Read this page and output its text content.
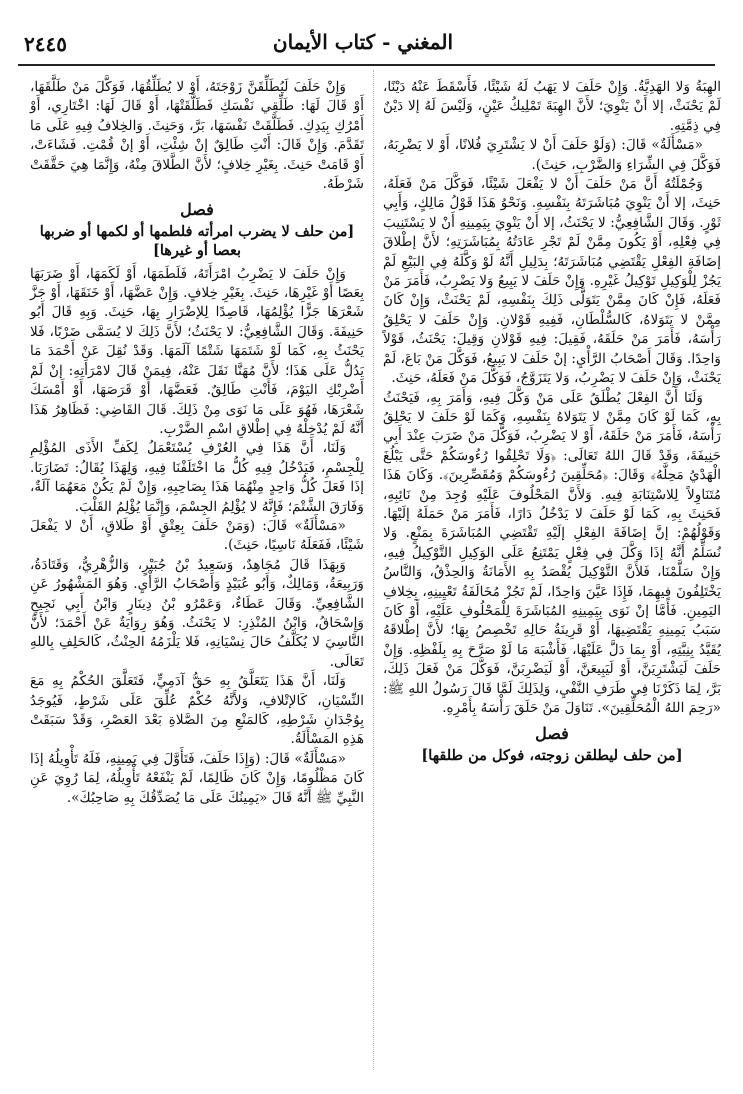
٢٤٤٥	المغني - كتاب الأيمان

الهِبَةُ وَلا الهَدِيَّةُ. وَإِنْ حَلَفَ لا يَهَبُ لَهُ شَيْئًا، فَأَسْقَطَ عَنْهُ دَيْنًا، لَمْ يَحْنَثْ، إلا أَنْ يَنْوِيَ؛ لأَنَّ الهِبَةَ تَمْلِيكُ عَيْنٍ، وَلَيْسَ لَهُ إلا دَيْنٌ فِي ذِمَّتِهِ.

«مَسْأَلَةٌ» قَالَ: (وَلَوْ حَلَفَ أَنْ لا يَشْتَرِيَ فُلانًا، أَوْ لا يَضْرِبَهُ، فَوَكَّلَ فِي الشِّرَاءِ وَالضَّرْبِ، حَنِثَ).

وَجُمْلَتُهُ أَنَّ مَنْ حَلَفَ أَنْ لا يَفْعَلَ شَيْئًا، فَوَكَّلَ مَنْ فَعَلَهُ، حَنِثَ، إلا أَنْ يَنْوِيَ مُبَاشَرَتَهُ بِنَفْسِهِ. وَنَحْوُ هَذَا قَوْلُ مَالِكٍ، وَأَبِي ثَوْرٍ. وَقَالَ الشَّافِعِيُّ: لا يَحْنَثُ، إلا أَنْ يَنْوِيَ بِيَمِينِهِ أَنْ لا يَسْتَنِيبَ فِي فِعْلِهِ، أَوْ يَكُونَ مِمَّنْ لَمْ تَجْرِ عَادَتُهُ بِمُبَاشَرَتِهِ؛ لأَنَّ إطْلاقَ إضَافَةِ الفِعْلِ يَقْتَضِي مُبَاشَرَتَهُ؛ بِدَلِيلِ أَنَّهُ لَوْ وَكَّلَهُ فِي البَيْعِ لَمْ يَجُزْ لِلْوَكِيلِ تَوْكِيلُ غَيْرِهِ. وَإِنْ حَلَفَ لا يَبِيعُ وَلا يَضْرِبُ، فَأَمَرَ مَنْ فَعَلَهُ، فَإِنْ كَانَ مِمَّنْ يَتَوَلَّى ذَلِكَ بِنَفْسِهِ، لَمْ يَحْنَثْ، وَإِنْ كَانَ مِمَّنْ لا يَتَوَلاهُ، كَالسُّلْطَانِ، فَفِيهِ قَوْلانِ. وَإِنْ حَلَفَ لا يَحْلِقُ رَأْسَهُ، فَأَمَرَ مَنْ حَلَقَهُ، فَقِيلَ: فِيهِ قَوْلانِ وَقِيلَ: يَحْنَثُ، قَوْلاً وَاحِدًا. وَقَالَ أَصْحَابُ الرَّأْيِ: إنْ حَلَفَ لا يَبِيعُ، فَوَكَّلَ مَنْ بَاعَ، لَمْ يَحْنَثْ، وَإِنْ حَلَفَ لا يَضْرِبُ، وَلا يَتَزَوَّجُ، فَوَكَّلَ مَنْ فَعَلَهُ، حَنِثَ.

وَلَنَا أَنَّ الفِعْلَ يُطْلَقُ عَلَى مَنْ وَكَّلَ فِيهِ، وَأَمَرَ بِهِ، فَيَحْنَثُ بِهِ، كَمَا لَوْ كَانَ مِمَّنْ لا يَتَوَلاهُ بِنَفْسِهِ، وَكَمَا لَوْ حَلَفَ لا يَحْلِقُ رَأْسَهُ، فَأَمَرَ مَنْ حَلَقَهُ، أَوْ لا يَضْرِبُ، فَوَكَّلَ مَنْ ضَرَبَ عِنْدَ أَبِي حَنِيفَةَ، وَقَدْ قَالَ اللهُ تَعَالَى: ﴿وَلَا تَحْلِقُوا رُءُوسَكُمْ حَتَّى يَبْلُغَ الْهَدْيُ مَحِلَّهُ﴾ وَقَالَ: ﴿مُحَلِّقِينَ رُءُوسَكُمْ وَمُقَصِّرِينَ﴾. وَكَانَ هَذَا مُتَنَاوِلاً لِلاسْتِنَابَةِ فِيهِ. وَلأَنَّ المَحْلُوفَ عَلَيْهِ وُجِدَ مِنْ نَائِبِهِ، فَحَنِثَ بِهِ، كَمَا لَوْ حَلَفَ لا يَدْخُلُ دَارًا، فَأَمَرَ مَنْ حَمَلَهُ إلَيْهَا. وَقَوْلُهُمْ: إنَّ إضَافَةَ الفِعْلِ إلَيْهِ تَقْتَضِي المُبَاشَرَةَ بِمَنْعٍ. وَلا نُسَلِّمُ أَنَّهُ إذَا وَكَّلَ فِي فِعْلٍ يَمْتَنِعُ عَلَى الوَكِيلِ التَّوْكِيلُ فِيهِ، وَإِنْ سَلَّمْنَا، فَلأَنَّ التَّوْكِيلَ يُقْصَدُ بِهِ الأَمَانَةُ وَالحِذْقُ، وَالنَّاسُ يَخْتَلِفُونَ فِيهِمَا، فَإِذَا عَيَّنَ وَاحِدًا، لَمْ تَجُزْ مُخَالَفَةُ تَعْيِينِهِ، بِخِلافِ اليَمِينِ. فَأَمَّا إنْ نَوَى بِيَمِينِهِ المُبَاشَرَةَ لِلْمَحْلُوفِ عَلَيْهِ، أَوْ كَانَ سَبَبُ يَمِينِهِ يَقْتَضِيهَا، أَوْ قَرِينَةُ حَالِهِ تَخْصِصُ بِهَا؛ لأَنَّ إطْلاقَهُ يُقَيَّدُ بِنِيَّتِهِ، أَوْ بِمَا دَلَّ عَلَيْهَا، فَأَشْبَهَ مَا لَوْ صَرَّحَ بِهِ بِلَفْظِهِ. وَإِنْ حَلَفَ لَيَشْتَرِيَنَّ، أَوْ لَيَبِيعَنَّ، أَوْ لَيَضْرِبَنَّ، فَوَكَّلَ مَنْ فَعَلَ ذَلِكَ، بَرَّ، لِمَا ذَكَرْنَا فِي طَرَفِ النَّفْيِ، وَلِذَلِكَ لَمَّا قَالَ رَسُولُ اللهِ ﷺ: «رَحِمَ اللهُ الْمُحَلِّقِينَ». تَنَاوَلَ مَنْ حَلَقَ رَأْسَهُ بِأَمْرِهِ.

فصل

[من حلف ليطلقن زوجته، فوكل من طلقها]

وَإِنْ حَلَفَ لَيُطَلِّقَنَّ زَوْجَتَهُ، أَوْ لا يُطَلِّقُهَا، فَوَكَّلَ مَنْ طَلَّقَهَا، أَوْ قَالَ لَهَا: طَلِّقِي نَفْسَكِ فَطَلَّقَتْهَا، أَوْ قَالَ لَهَا: اخْتَارِي، أَوْ أَمْرُكِ بِيَدِكِ. فَطَلَّقَتْ نَفْسَهَا، بَرَّ، وَحَنِثَ. وَالخِلافُ فِيهِ عَلَى مَا تَقَدَّمَ. وَإِنْ قَالَ: أَنْتِ طَالِقٌ إنْ شِئْتِ، أَوْ إنْ قُمْتِ. فَشَاءَتْ، أَوْ قَامَتْ حَنِثَ. بِغَيْرِ خِلافٍ؛ لأَنَّ الطَّلاقَ مِنْهُ، وَإِنَّمَا هِيَ حَقَّقَتْ شَرْطَهُ.

فصل

[من حلف لا يضرب امرأته فلطمها أو لكمها أو ضربها بعصا أو غيرها]

وَإِنْ حَلَفَ لا يَضْرِبُ امْرَأَتَهُ، فَلَطَمَهَا، أَوْ لَكَمَهَا، أَوْ ضَرَبَهَا بِعَصًا أَوْ غَيْرِهَا، حَنِثَ. بِغَيْرِ خِلافٍ. وَإِنْ عَضَّهَا، أَوْ خَنَقَهَا، أَوْ جَزَّ شَعْرَهَا جَزًّا يُؤْلِمُهَا، قَاصِدًا لِلإضْرَارِ بِهَا، حَنِثَ. وَبِهِ قَالَ أَبُو حَنِيفَةَ. وَقَالَ الشَّافِعِيُّ: لا يَحْنَثُ؛ لأَنَّ ذَلِكَ لا يُسَمَّى ضَرْبًا، فَلا يَحْنَثُ بِهِ، كَمَا لَوْ شَتَمَهَا شَتْمًا آلَمَهَا. وَقَدْ نُقِلَ عَنْ أَحْمَدَ مَا يَدُلُّ عَلَى هَذَا؛ لأَنَّ مُهَنَّا نَقَلَ عَنْهُ، فِيمَنْ قَالَ لامْرَأَتِهِ: إنْ لَمْ أَضْرِبْكِ اليَوْمَ، فَأَنْتِ طَالِقٌ. فَعَضَّهَا، أَوْ قَرَصَهَا، أَوْ أَمْسَكَ شَعْرَهَا، فَهُوَ عَلَى مَا نَوَى مِنْ ذَلِكَ. قَالَ القَاضِي: فَظَاهِرُ هَذَا أَنَّهُ لَمْ يُدْخِلْهُ فِي إطْلاقِ اسْمِ الضَّرْبِ.

وَلَنَا، أَنَّ هَذَا فِي العُرْفِ يُسْتَعْمَلُ لِكَفِّ الأَذَى المُؤْلِمِ لِلْجِسْمِ، فَيَدْخُلُ فِيهِ كُلُّ مَا اخْتَلَفْنَا فِيهِ، وَلِهَذَا يُقَالُ: تَضَارَبَا. إذَا فَعَلَ كُلُّ وَاحِدٍ مِنْهُمَا هَذَا بِصَاحِبِهِ، وَإِنْ لَمْ يَكُنْ مَعَهُمَا آلَةٌ، وَفَارَقَ الشَّتْمَ؛ فَإِنَّهُ لا يُؤْلِمُ الجِسْمَ، وَإِنَّمَا يُؤْلِمُ القَلْبَ.

«مَسْأَلَةٌ» قَالَ: (وَمَنْ حَلَفَ بِعِتْقٍ أَوْ طَلاقٍ، أَنْ لا يَفْعَلَ شَيْئًا، فَفَعَلَهُ نَاسِيًا، حَنِثَ).

وَبِهَذَا قَالَ مُجَاهِدٌ، وَسَعِيدُ بْنُ جُبَيْرٍ، وَالزُّهْرِيُّ، وَقَتَادَةُ، وَرَبِيعَةُ، وَمَالِكٌ، وَأَبُو عُبَيْدٍ وَأَصْحَابُ الرَّأْيِ. وَهُوَ المَشْهُورُ عَنِ الشَّافِعِيِّ. وَقَالَ عَطَاءٌ، وَعَمْرُو بْنُ دِينَارٍ وَابْنُ أَبِي نَجِيحٍ وَإِسْحَاقُ، وَابْنُ المُنْذِرِ: لا يَحْنَثُ. وَهُوَ رِوَايَةٌ عَنْ أَحْمَدَ؛ لأَنَّ النَّاسِيَ لا يُكَلَّفُ حَالَ نِسْيَانِهِ، فَلا يَلْزَمُهُ الحِنْثُ، كَالحَلِفِ بِاللهِ تَعَالَى.

وَلَنَا، أَنَّ هَذَا يَتَعَلَّقُ بِهِ حَقُّ آدَمِيٍّ، فَتَعَلَّقَ الحُكْمُ بِهِ مَعَ النِّسْيَانِ، كَالإتْلافِ، وَلأَنَّهُ حُكْمٌ عُلِّقَ عَلَى شَرْطٍ، فَيُوجَدُ بِوُجْدَانِ شَرْطِهِ، كَالمَنْعِ مِنَ الصَّلاةِ بَعْدَ العَصْرِ، وَقَدْ سَبَقَتْ هَذِهِ المَسْأَلَةُ.

«مَسْأَلَةٌ» قَالَ: (وَإِذَا حَلَفَ، فَتَأَوَّلَ فِي يَمِينِهِ، فَلَهُ تَأْوِيلُهُ إذَا كَانَ مَظْلُومًا، وَإِنْ كَانَ ظَالِمًا، لَمْ يَنْفَعْهُ تَأْوِيلُهُ، لِمَا رُوِيَ عَنِ النَّبِيِّ ﷺ أَنَّهُ قَالَ «يَمِينُكَ عَلَى مَا يُصَدِّقُكَ بِهِ صَاحِبُكَ».
